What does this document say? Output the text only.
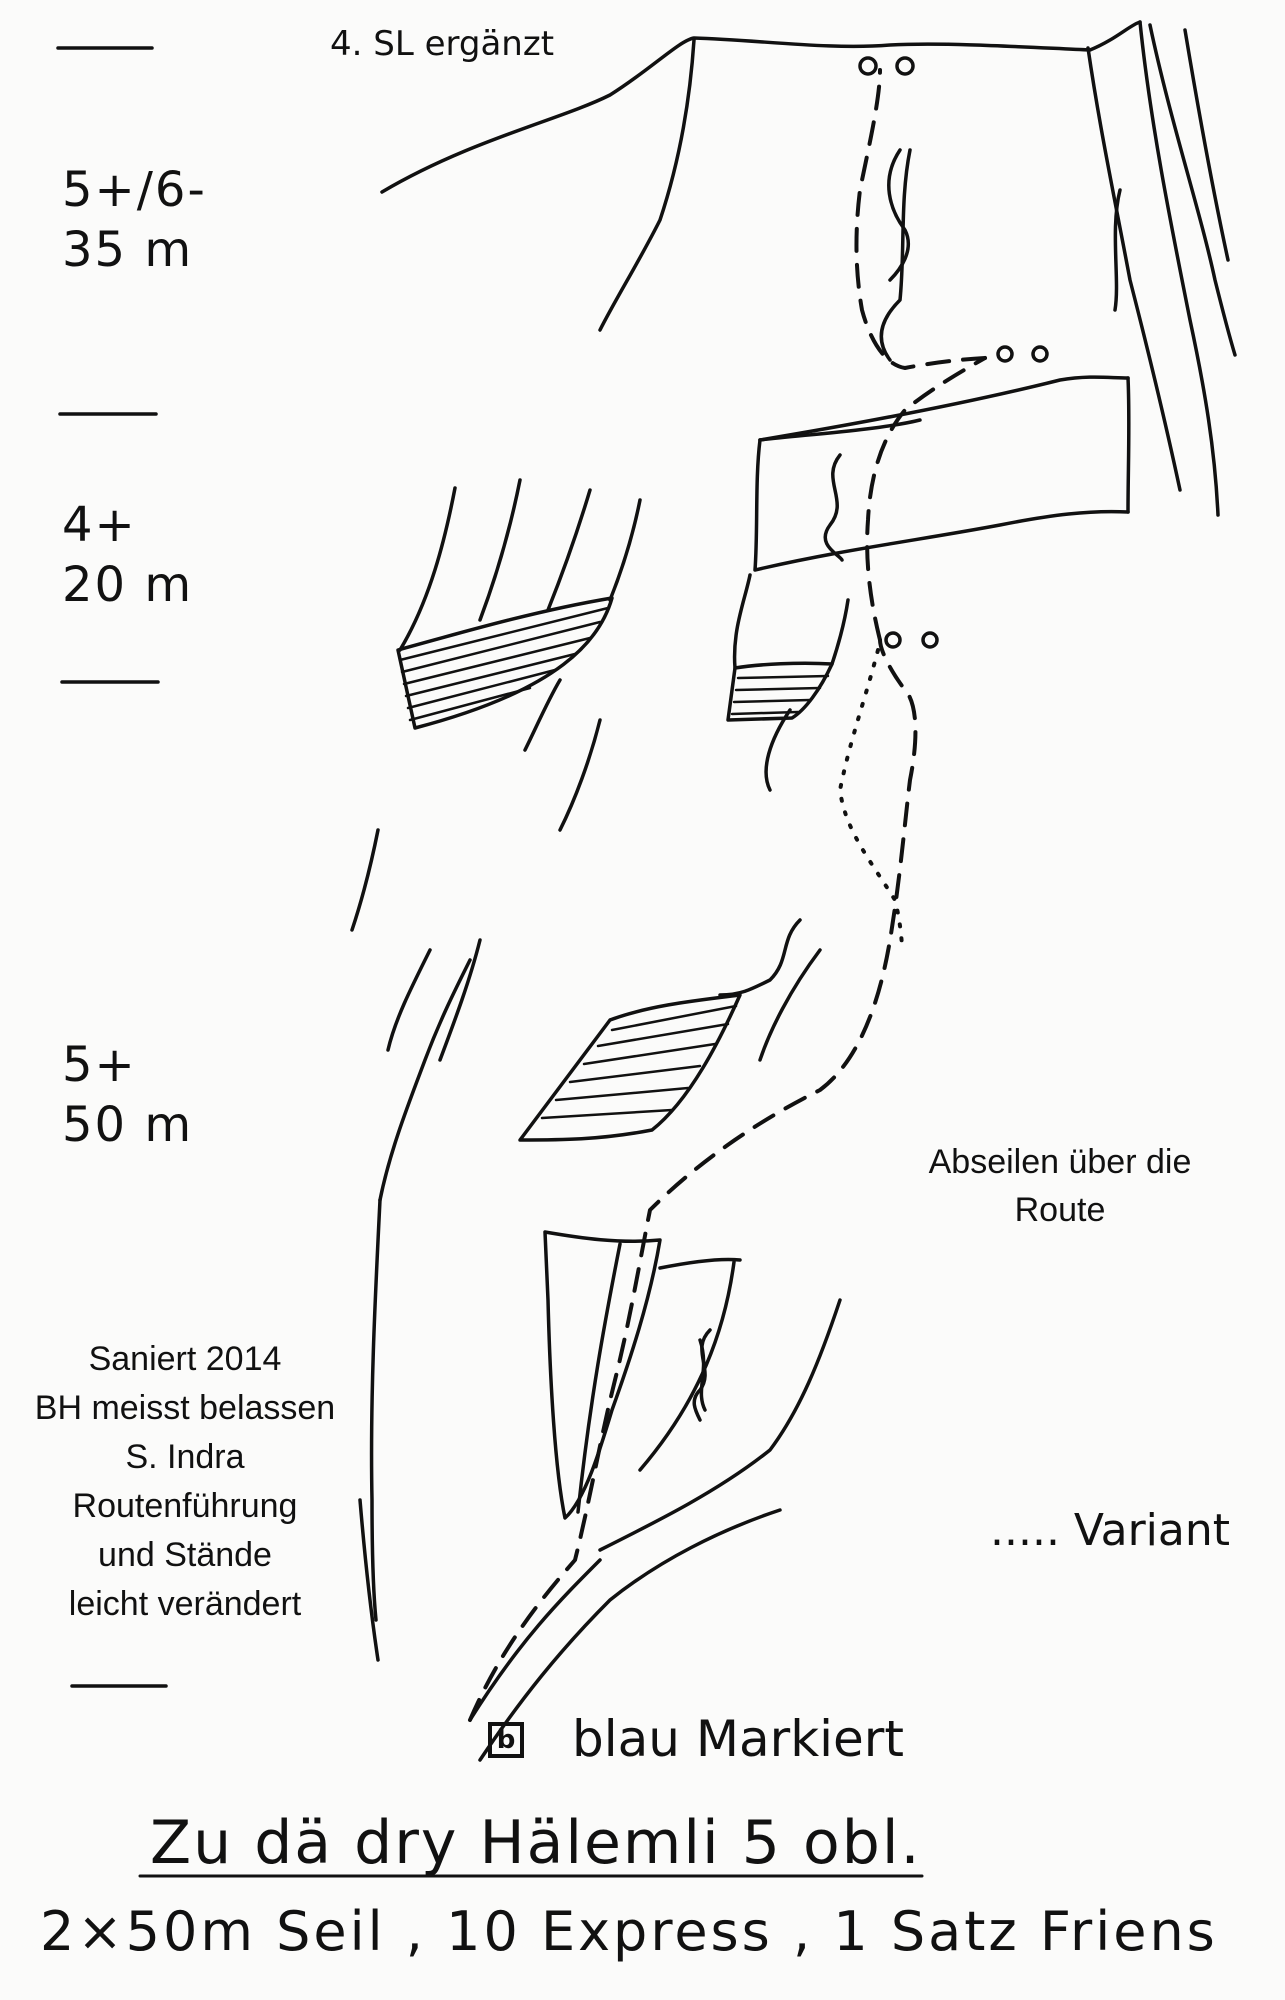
4. SL ergänzt
5+/6-
35 m
4+
20 m
5+
50 m
Abseilen über die
Route
Saniert 2014
BH meisst belassen
S. Indra
Routenführung
und Stände
leicht verändert
..... Variant
b blau Markiert
Zu dä dry Hälemli 5 obl.
2×50m Seil , 10 Express , 1 Satz Friens
